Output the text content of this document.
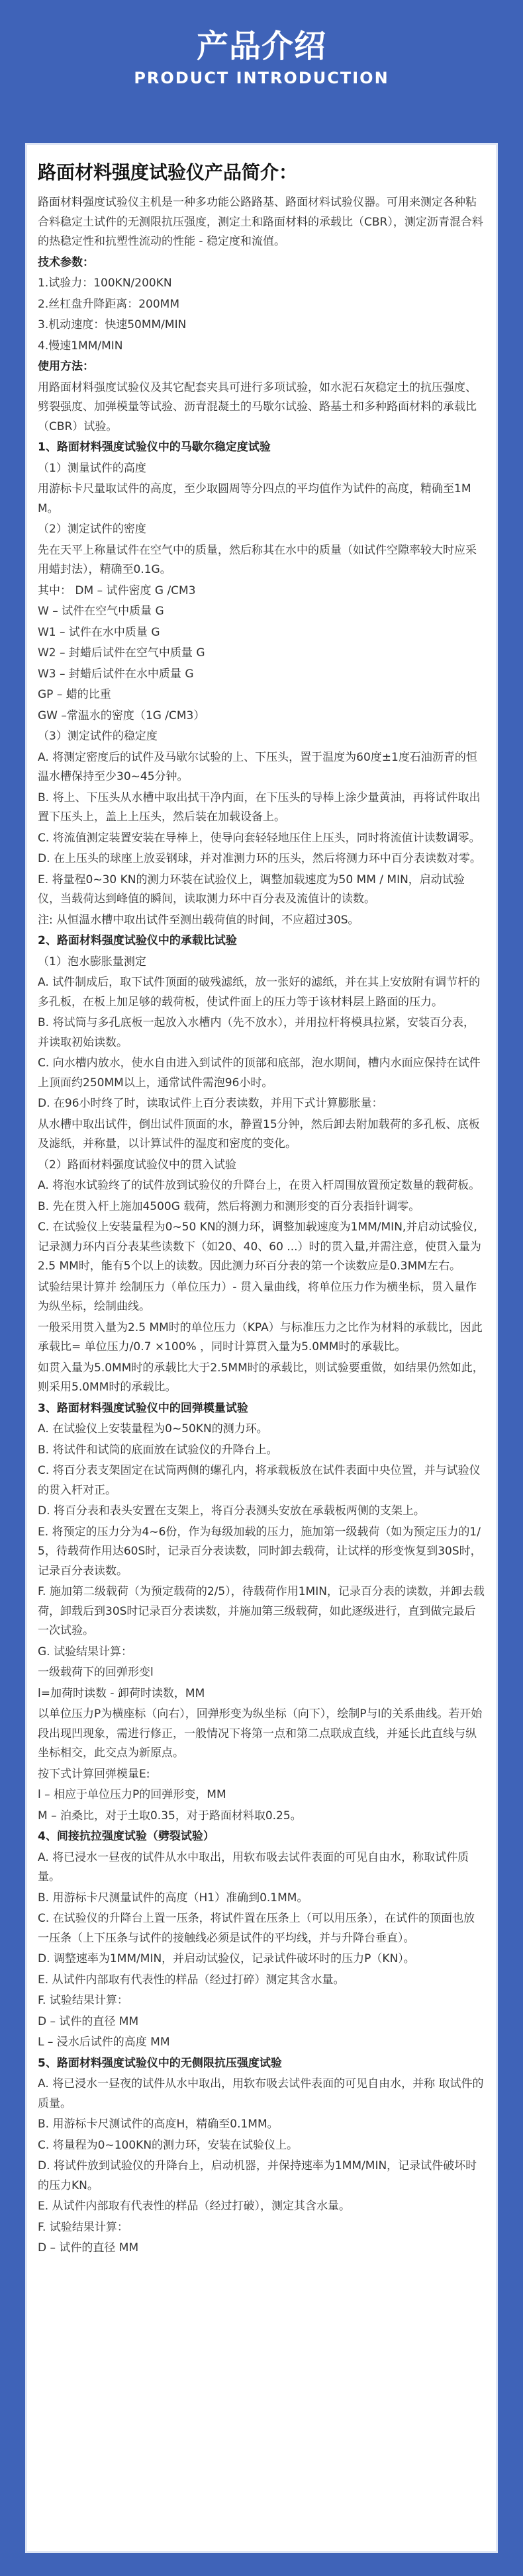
产品介绍
PRODUCT INTRODUCTION
路面材料强度试验仪产品简介：

路面材料强度试验仪主机是一种多功能公路路基、路面材料试验仪器。可用来测定各种粘合料稳定土试件的无测限抗压强度，测定土和路面材料的承载比（CBR），测定沥青混合料的热稳定性和抗塑性流动的性能 - 稳定度和流值。

技术参数：

1.试验力：100KN/200KN

2.丝杠盘升降距离：200MM

3.机动速度：快速50MM/MIN

4.慢速1MM/MIN

使用方法：

用路面材料强度试验仪及其它配套夹具可进行多项试验，如水泥石灰稳定土的抗压强度、劈裂强度、加弹模量等试验、沥青混凝土的马歇尔试验、路基土和多种路面材料的承载比（CBR）试验。

1、路面材料强度试验仪中的马歇尔稳定度试验

（1）测量试件的高度

用游标卡尺量取试件的高度，至少取圆周等分四点的平均值作为试件的高度，精确至1MM。

（2）测定试件的密度

先在天平上称量试件在空气中的质量，然后称其在水中的质量（如试件空隙率较大时应采用蜡封法），精确至0.1G。

其中： DM – 试件密度 G /CM3

W – 试件在空气中质量 G

W1 – 试件在水中质量 G

W2 – 封蜡后试件在空气中质量 G

W3 – 封蜡后试件在水中质量 G

GP – 蜡的比重

GW –常温水的密度（1G /CM3）

（3）测定试件的稳定度

A. 将测定密度后的试件及马歇尔试验的上、下压头，置于温度为60度±1度石油沥青的恒温水槽保持至少30~45分钟。

B. 将上、下压头从水槽中取出拭干净内面，在下压头的导棒上涂少量黄油，再将试件取出置下压头上，盖上上压头，然后装在加载设备上。

C. 将流值测定装置安装在导棒上，使导向套轻轻地压住上压头，同时将流值计读数调零。

D. 在上压头的球座上放妥钢球，并对准测力环的压头，然后将测力环中百分表读数对零。

E. 将量程0~30 KN的测力环装在试验仪上，调整加载速度为50 MM / MIN，启动试验仪，当载荷达到峰值的瞬间，读取测力环中百分表及流值计的读数。

注: 从恒温水槽中取出试件至测出载荷值的时间，不应超过30S。

2、路面材料强度试验仪中的承载比试验

（1）泡水膨胀量测定

A. 试件制成后，取下试件顶面的破残滤纸，放一张好的滤纸，并在其上安放附有调节杆的多孔板，在板上加足够的载荷板，使试件面上的压力等于该材料层上路面的压力。

B. 将试筒与多孔底板一起放入水槽内（先不放水），并用拉杆将模具拉紧，安装百分表，并读取初始读数。

C. 向水槽内放水，使水自由进入到试件的顶部和底部，泡水期间，槽内水面应保持在试件上顶面约250MM以上，通常试件需泡96小时。

D. 在96小时终了时，读取试件上百分表读数，并用下式计算膨胀量：

从水槽中取出试件，倒出试件顶面的水，静置15分钟，然后卸去附加载荷的多孔板、底板及滤纸，并称量，以计算试件的湿度和密度的变化。

（2）路面材料强度试验仪中的贯入试验

A. 将泡水试验终了的试件放到试验仪的升降台上，在贯入杆周围放置预定数量的载荷板。

B. 先在贯入杆上施加4500G 载荷，然后将测力和测形变的百分表指针调零。

C. 在试验仪上安装量程为0~50 KN的测力环，调整加载速度为1MM/MIN,并启动试验仪,记录测力环内百分表某些读数下（如20、40、60 ...）时的贯入量,并需注意，使贯入量为2.5 MM时，能有5个以上的读数。因此测力环百分表的第一个读数应是0.3MM左右。

试验结果计算并 绘制压力（单位压力）- 贯入量曲线，将单位压力作为横坐标，贯入量作为纵坐标，绘制曲线。

一般采用贯入量为2.5 MM时的单位压力（KPA）与标准压力之比作为材料的承载比，因此承载比= 单位压力/0.7 ×100% ，同时计算贯入量为5.0MM时的承载比。

如贯入量为5.0MM时的承载比大于2.5MM时的承载比，则试验要重做，如结果仍然如此，则采用5.0MM时的承载比。

3、路面材料强度试验仪中的回弹模量试验

A. 在试验仪上安装量程为0~50KN的测力环。

B. 将试件和试筒的底面放在试验仪的升降台上。

C. 将百分表支架固定在试筒两侧的螺孔内，将承载板放在试件表面中央位置，并与试验仪的贯入杆对正。

D. 将百分表和表头安置在支架上，将百分表测头安放在承载板两侧的支架上。

E. 将预定的压力分为4~6份，作为每级加载的压力，施加第一级载荷（如为预定压力的1/5，待载荷作用达60S时，记录百分表读数，同时卸去载荷，让试样的形变恢复到30S时，记录百分表读数。

F. 施加第二级载荷（为预定载荷的2/5），待载荷作用1MIN，记录百分表的读数，并卸去载荷，卸载后到30S时记录百分表读数，并施加第三级载荷，如此逐级进行，直到做完最后一次试验。

G. 试验结果计算：

一级载荷下的回弹形变l

l=加荷时读数 - 卸荷时读数，MM

以单位压力P为横座标（向右），回弹形变为纵坐标（向下），绘制P与l的关系曲线。若开始段出现凹现象，需进行修正，一般情况下将第一点和第二点联成直线，并延长此直线与纵坐标相交，此交点为新原点。

按下式计算回弹模量E:

l – 相应于单位压力P的回弹形变，MM

M – 泊桑比，对于土取0.35，对于路面材料取0.25。

4、间接抗拉强度试验（劈裂试验）

A. 将已浸水一昼夜的试件从水中取出，用软布吸去试件表面的可见自由水，称取试件质量。

B. 用游标卡尺测量试件的高度（H1）准确到0.1MM。

C. 在试验仪的升降台上置一压条，将试件置在压条上（可以用压条），在试件的顶面也放一压条（上下压条与试件的接触线必须是试件的平均线，并与升降台垂直）。

D. 调整速率为1MM/MIN，并启动试验仪，记录试件破坏时的压力P（KN）。

E. 从试件内部取有代表性的样品（经过打碎）测定其含水量。

F. 试验结果计算：

D – 试件的直径 MM

L – 浸水后试件的高度 MM

5、路面材料强度试验仪中的无侧限抗压强度试验

A. 将已浸水一昼夜的试件从水中取出，用软布吸去试件表面的可见自由水，并称 取试件的质量。

B. 用游标卡尺测试件的高度H，精确至0.1MM。

C. 将量程为0~100KN的测力环，安装在试验仪上。

D. 将试件放到试验仪的升降台上，启动机器，并保持速率为1MM/MIN，记录试件破坏时的压力KN。

E. 从试件内部取有代表性的样品（经过打破），测定其含水量。

F. 试验结果计算：

D – 试件的直径 MM
